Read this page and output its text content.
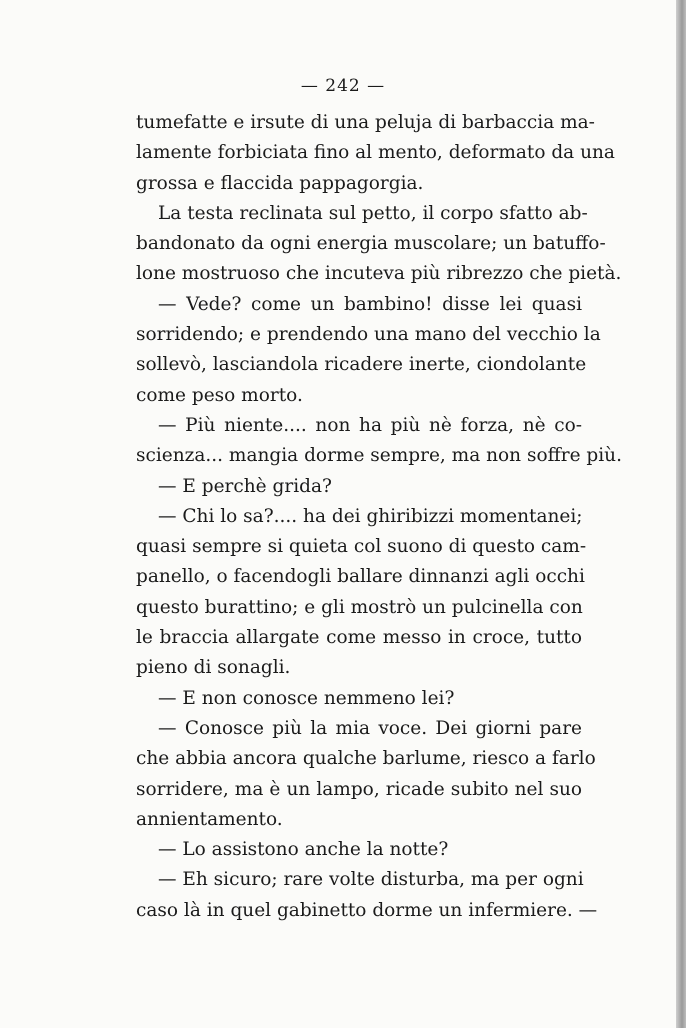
— 24​2 —
tumefatte e irsute di una peluja di barbaccia ma-
lamente forbiciata fino al mento, deformato da una
grossa e flaccida pappagorgia.
La testa reclinata sul petto, il corpo sfatto ab-
bandonato da ogni energia muscolare; un batuffo-
lone mostruoso che incuteva più ribrezzo che pietà.
— Vede? come un bambino! disse lei quasi
sorridendo; e prendendo una mano del vecchio la
sollevò, lasciandola ricadere inerte, ciondolante
come peso morto.
— Più niente.... non ha più nè forza, nè co-
scienza... mangia dorme sempre, ma non soffre più.
— E perchè grida?
— Chi lo sa?.... ha dei ghiribizzi momentanei;
quasi sempre si quieta col suono di questo cam-
panello, o facendogli ballare dinnanzi agli occhi
questo burattino; e gli mostrò un pulcinella con
le braccia allargate come messo in croce, tutto
pieno di sonagli.
— E non conosce nemmeno lei?
— Conosce più la mia voce. Dei giorni pare
che abbia ancora qualche barlume, riesco a farlo
sorridere, ma è un lampo, ricade subito nel suo
annientamento.
— Lo assistono anche la notte?
— Eh sicuro; rare volte disturba, ma per ogni
caso là in quel gabinetto dorme un infermiere. —
